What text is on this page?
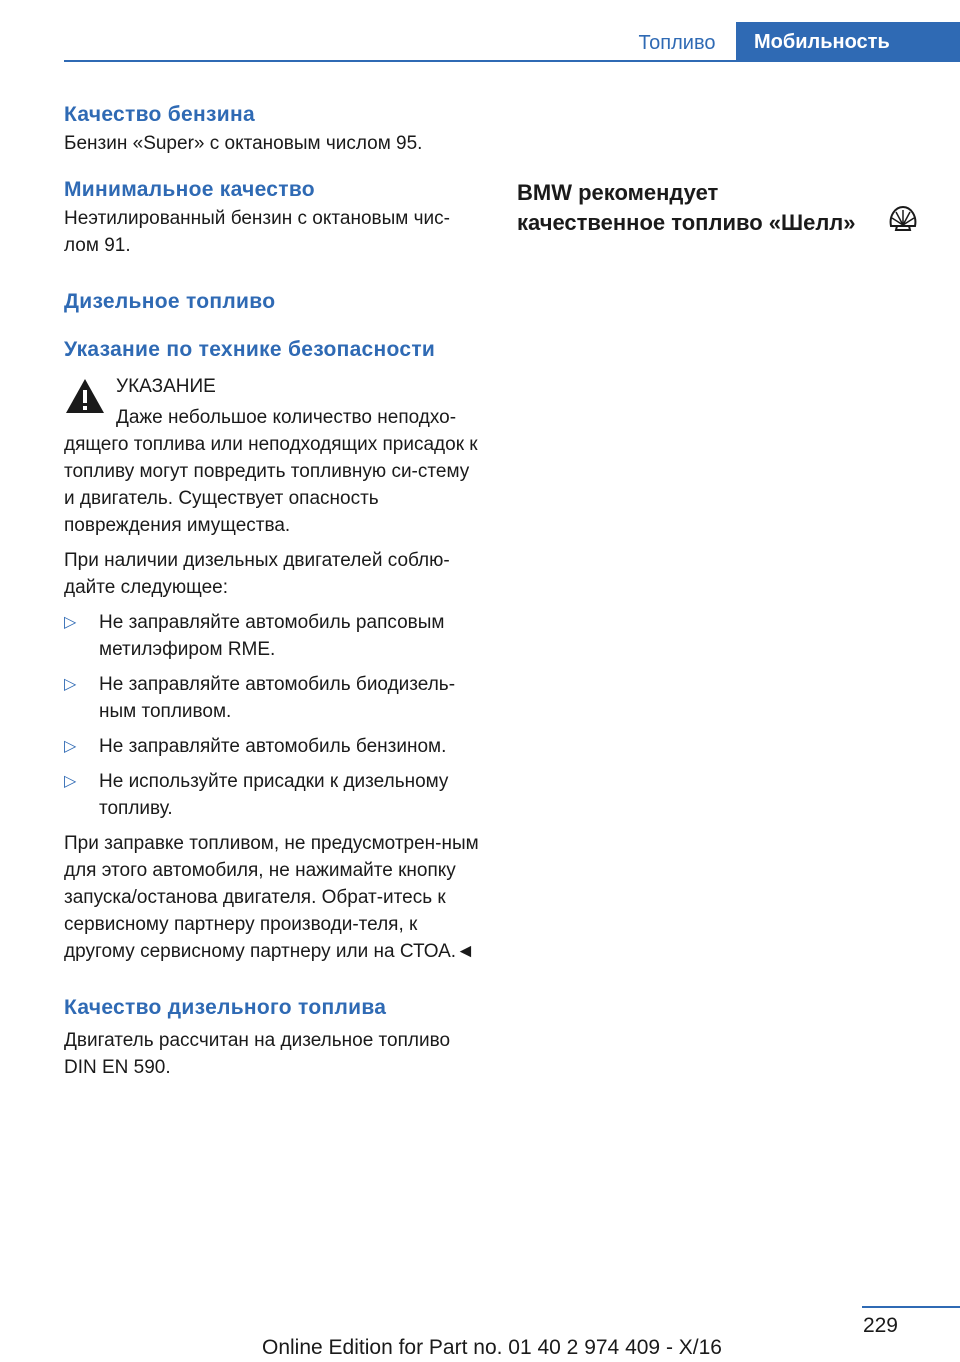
Топливо	Мобильность
Качество бензина

Бензин «Super» с октановым числом 95.

Минимальное качество

Неэтилированный бензин с октановым чис-лом 91.

Дизельное топливо
Указание по технике безопасности

УКАЗАНИЕ

Даже небольшое количество неподхо-

дящего топлива или неподходящих присадок к топливу могут повредить топливную си-стему и двигатель. Существует опасность повреждения имущества.

При наличии дизельных двигателей соблю-дайте следующее:

▷ Не заправляйте автомобиль рапсовым метилэфиром RME.
▷ Не заправляйте автомобиль биодизель-ным топливом.
▷ Не заправляйте автомобиль бензином.
▷ Не используйте присадки к дизельному топливу.

При заправке топливом, не предусмотрен-ным для этого автомобиля, не нажимайте кнопку запуска/останова двигателя. Обрат-итесь к сервисному партнеру производи-теля, к другому сервисному партнеру или на СТОА.◄

Качество дизельного топлива

Двигатель рассчитан на дизельное топливо DIN EN 590.

BMW рекомендует

качественное топливо «Шелл»

229
Online Edition for Part no. 01 40 2 974 409 - X/16
